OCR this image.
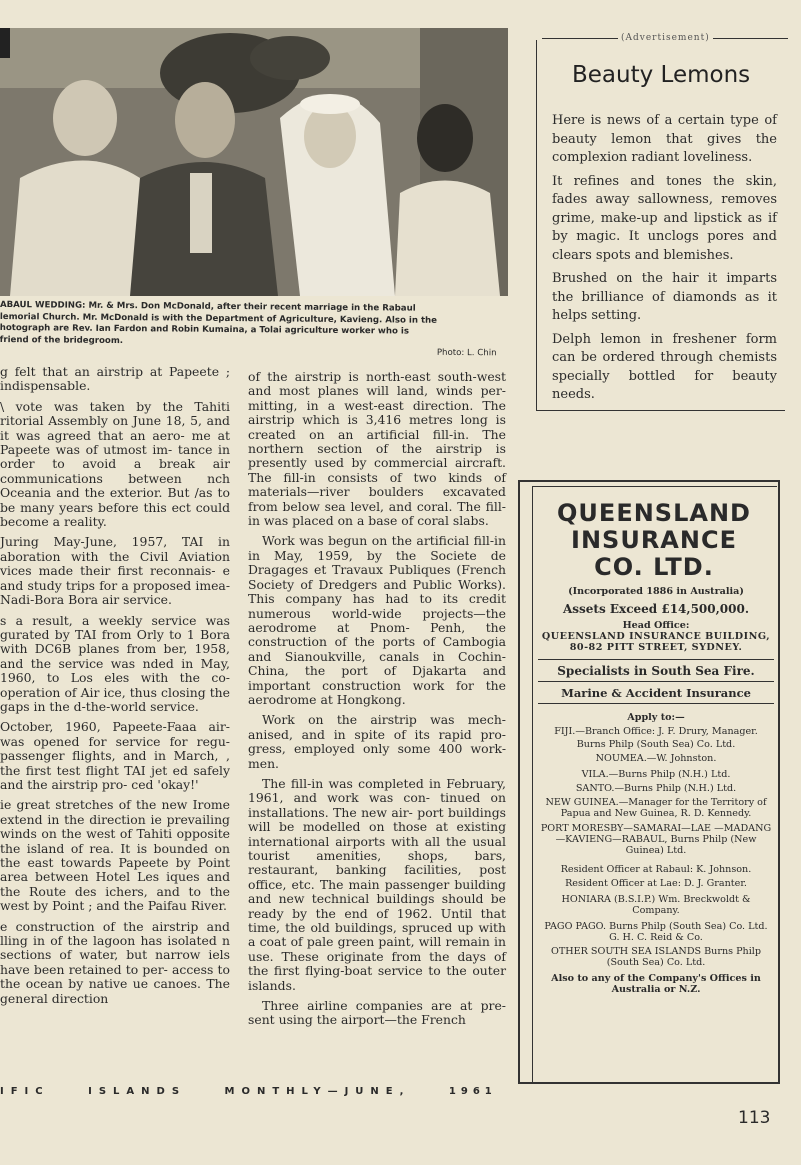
ABAUL WEDDING: Mr. & Mrs. Don McDonald, after their recent marriage in the Rabaul
lemorial Church. Mr. McDonald is with the Department of Agriculture, Kavieng. Also in the
hotograph are Rev. Ian Fardon and Robin Kumaina, a Tolai agriculture worker who is
friend of the bridegroom.
Photo: L. Chin

g felt that an airstrip at Papeete ; indispensable.

\ vote was taken by the Tahiti ritorial Assembly on June 18, 5, and it was agreed that an aero- me at Papeete was of utmost im- tance in order to avoid a break air communications between nch Oceania and the exterior. But /as to be many years before this ect could become a reality.

Juring May-June, 1957, TAI in aboration with the Civil Aviation vices made their first reconnais- e and study trips for a proposed imea-Nadi-Bora Bora air service.

s a result, a weekly service was gurated by TAI from Orly to 1 Bora with DC6B planes from ber, 1958, and the service was nded in May, 1960, to Los eles with the co-operation of Air ice, thus closing the gaps in the d-the-world service.

October, 1960, Papeete-Faaa air- was opened for service for regu- passenger flights, and in March, , the first test flight TAI jet ed safely and the airstrip pro- ced 'okay!'

ie great stretches of the new Irome extend in the direction ie prevailing winds on the west of Tahiti opposite the island of rea. It is bounded on the east towards Papeete by Point area between Hotel Les iques and the Route des ichers, and to the west by Point ; and the Paifau River.

e construction of the airstrip and lling in of the lagoon has isolated n sections of water, but narrow iels have been retained to per- access to the ocean by native ue canoes. The general direction

of the airstrip is north-east south-west and most planes will land, winds per- mitting, in a west-east direction. The airstrip which is 3,416 metres long is created on an artificial fill-in. The northern section of the airstrip is presently used by commercial aircraft. The fill-in consists of two kinds of materials—river boulders excavated from below sea level, and coral. The fill-in was placed on a base of coral slabs.

Work was begun on the artificial fill-in in May, 1959, by the Societe de Dragages et Travaux Publiques (French Society of Dredgers and Public Works). This company has had to its credit numerous world-wide projects—the aerodrome at Pnom- Penh, the construction of the ports of Cambogia and Sianoukville, canals in Cochin-China, the port of Djakarta and important construction work for the aerodrome at Hongkong.

Work on the airstrip was mech- anised, and in spite of its rapid pro- gress, employed only some 400 work- men.

The fill-in was completed in February, 1961, and work was con- tinued on installations. The new air- port buildings will be modelled on those at existing international airports with all the usual tourist amenities, shops, bars, restaurant, banking facilities, post office, etc. The main passenger building and new technical buildings should be ready by the end of 1962. Until that time, the old buildings, spruced up with a coat of pale green paint, will remain in use. These originate from the days of the first flying-boat service to the outer islands.

Three airline companies are at pre- sent using the airport—the French

IFIC	ISLANDS	MONTHLY—JUNE,	1961
113
(Advertisement)
Beauty Lemons

Here is news of a certain type of beauty lemon that gives the complexion radiant loveliness.

It refines and tones the skin, fades away sallowness, removes grime, make-up and lipstick as if by magic. It unclogs pores and clears spots and blemishes.

Brushed on the hair it imparts the brilliance of diamonds as it helps setting.

Delph lemon in freshener form can be ordered through chemists specially bottled for beauty needs.

QUEENSLAND
INSURANCE
CO. LTD.
(Incorporated 1886 in Australia)
Assets Exceed £14,500,000.
Head Office:
QUEENSLAND INSURANCE BUILDING, 80-82 PITT STREET, SYDNEY.
Specialists in South Sea Fire.
Marine & Accident Insurance
Apply to:—
FIJI.—Branch Office: J. F. Drury, Manager.
Burns Philp (South Sea) Co. Ltd.
NOUMEA.—W. Johnston.
VILA.—Burns Philp (N.H.) Ltd.
SANTO.—Burns Philp (N.H.) Ltd.
NEW GUINEA.—Manager for the Territory of Papua and New Guinea, R. D. Kennedy.
PORT MORESBY—SAMARAI—LAE —MADANG—KAVIENG—RABAUL, Burns Philp (New Guinea) Ltd.
Resident Officer at Rabaul: K. Johnson.
Resident Officer at Lae: D. J. Granter.
HONIARA (B.S.I.P.) Wm. Breckwoldt & Company.
PAGO PAGO. Burns Philp (South Sea) Co. Ltd. G. H. C. Reid & Co.
OTHER SOUTH SEA ISLANDS Burns Philp (South Sea) Co. Ltd.
Also to any of the Company's Offices in Australia or N.Z.
